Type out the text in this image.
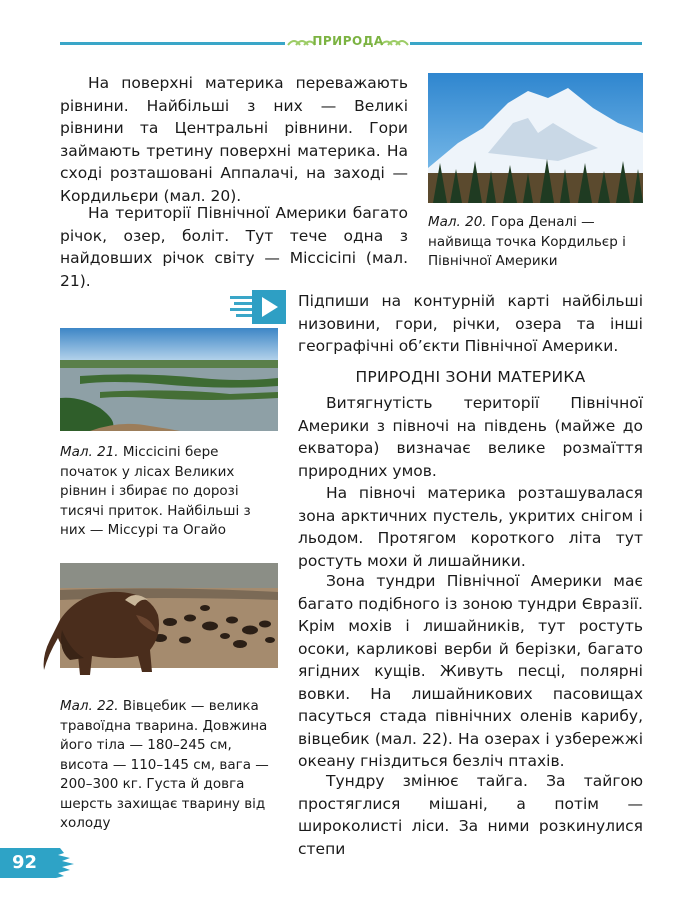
ПРИРОДА

На поверхні материка переважають рівнини. Найбільші з них — Великі рівнини та Центральні рівнини. Гори займають третину поверхні материка. На сході розташовані Аппалачі, на заході — Кордильєри (мал. 20).

На території Північної Америки багато річок, озер, боліт. Тут тече одна з найдовших річок світу — Міссісіпі (мал. 21).

Мал. 20. Гора Деналі — найвища точка Кордильєр і Північної Америки

Підпиши на контурній карті найбільші низовини, гори, річки, озера та інші географічні об’єкти Північної Америки.

Мал. 21. Міссісіпі бере початок у лісах Великих рівнин і збирає по дорозі тисячі приток. Найбільші з них — Міссурі та Огайо
Мал. 22. Вівцебик — велика травоїдна тварина. Довжина його тіла — 180–245 см, висота — 110–145 см, вага — 200–300 кг. Густа й довга шерсть захищає тварину від холоду
ПРИРОДНІ ЗОНИ МАТЕРИКА

Витягнутість території Північної Америки з півночі на південь (майже до екватора) визначає велике розмаїття природних умов.

На півночі материка розташувалася зона арктичних пустель, укритих снігом і льодом. Протягом короткого літа тут ростуть мохи й лишайники.

Зона тундри Північної Америки має багато подібного із зоною тундри Євразії. Крім мохів і лишайників, тут ростуть осоки, карликові верби й берізки, багато ягідних кущів. Живуть песці, полярні вовки. На лишайникових пасовищах пасуться стада північних оленів карибу, вівцебик (мал. 22). На озерах і узбережжі океану гніздиться безліч птахів.

Тундру змінює тайга. За тайгою простяглися мішані, а потім — широколисті ліси. За ними розкинулися степи

92
